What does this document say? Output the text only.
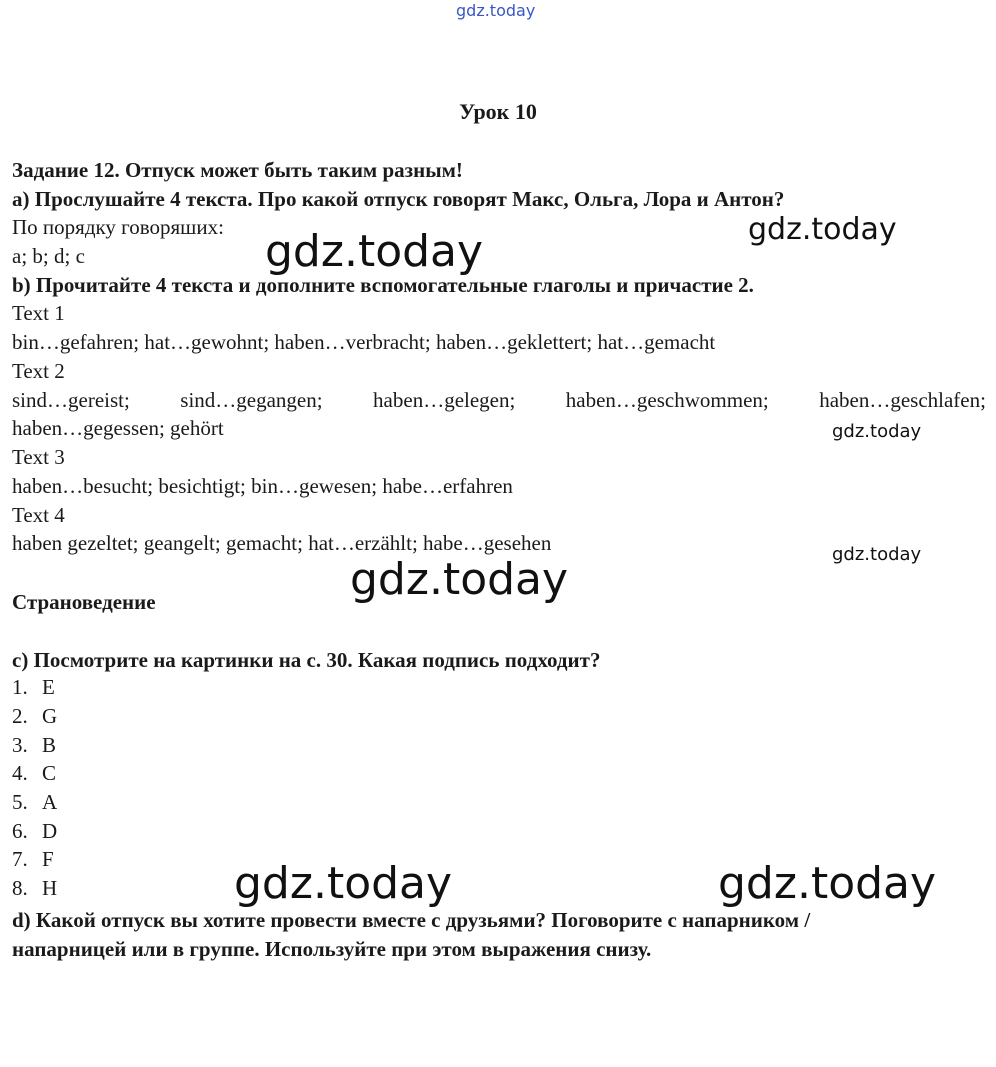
gdz.today
gdz.today	gdz.today
gdz.today
gdz.today
gdz.today
gdz.today	gdz.today
Урок 10
Задание 12. Отпуск может быть таким разным!
a) Прослушайте 4 текста. Про какой отпуск говорят Макс, Ольга, Лора и Антон?
По порядку говоряших:
a; b; d; c
b) Прочитайте 4 текста и дополните вспомогательные глаголы и причастие 2.
Text 1
bin…gefahren; hat…gewohnt; haben…verbracht; haben…geklettert; hat…gemacht
Text 2
sind…gereist; sind…gegangen; haben…gelegen; haben…geschwommen; haben…geschlafen;
haben…gegessen; gehört
Text 3
haben…besucht; besichtigt; bin…gewesen; habe…erfahren
Text 4
haben gezeltet; geangelt; gemacht; hat…erzählt; habe…gesehen
Страноведение
c) Посмотрите на картинки на с. 30. Какая подпись подходит?
1. E
2. G
3. B
4. C
5. A
6. D
7. F
8. H
d) Какой отпуск вы хотите провести вместе с друзьями? Поговорите с напарником /
напарницей или в группе. Используйте при этом выражения снизу.
